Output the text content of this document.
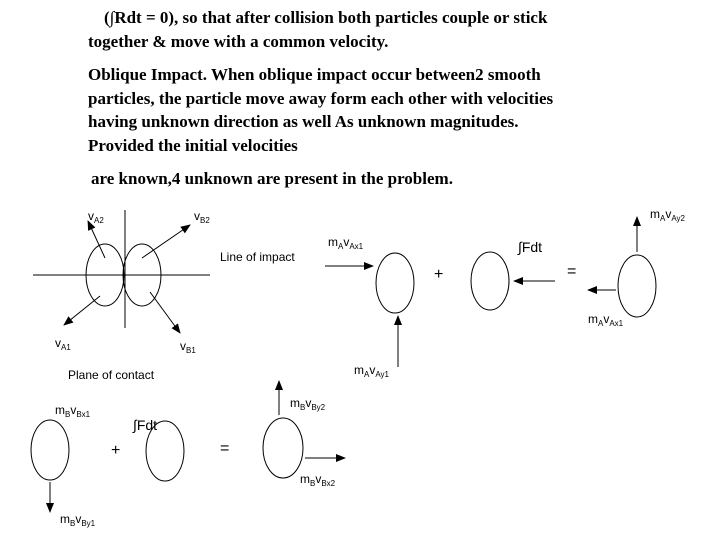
(∫Rdt = 0), so that after collision both particles couple or stick

together & move with a common velocity.

Oblique Impact. When oblique impact occur between2 smooth

particles, the particle move away form each other with velocities

having unknown direction as well As unknown magnitudes.

Provided the initial velocities

are known,4 unknown are present in the problem.

$v_{A2}$	$v_{B2}$
$v_{A1}$	$v_{B1}$
Line of impact
Plane of contact
$m_Av_{Ax1}$
$m_Av_{Ay2}$
$m_Av_{Ax1}$
$m_Av_{Ay1}$
∫Fdt
+	=
$m_Bv_{Bx1}$
$m_Bv_{By2}$
$m_Bv_{Bx2}$
$m_Bv_{By1}$
∫Fdt
+	=
